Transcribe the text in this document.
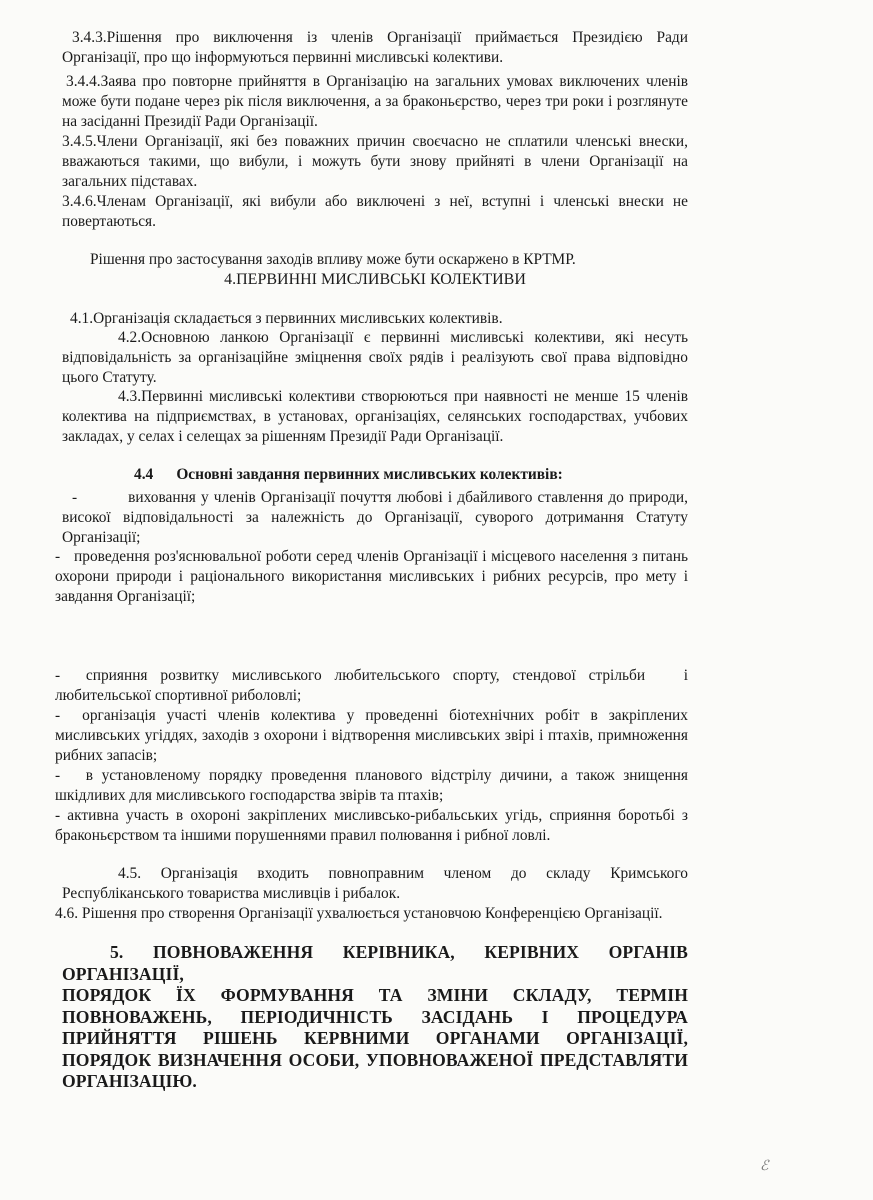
3.4.3.Рішення про виключення із членів Організації приймається Президією Ради Організації, про що інформуються первинні мисливські колективи.

3.4.4.Заява про повторне прийняття в Організацію на загальних умовах виключених членів може бути подане через рік після виключення, а за браконьєрство, через три роки і розглянуте на засіданні Президії Ради Організації.

3.4.5.Члени Організації, які без поважних причин своєчасно не сплатили членські внески, вважаються такими, що вибули, і можуть бути знову прийняті в члени Організації на загальних підставах.

3.4.6.Членам Організації, які вибули або виключені з неї, вступні і членські внески не повертаються.

Рішення про застосування заходів впливу може бути оскаржено в КРТМР.

4.ПЕРВИННІ МИСЛИВСЬКІ КОЛЕКТИВИ

4.1.Організація складається з первинних мисливських колективів.

4.2.Основною ланкою Організації є первинні мисливські колективи, які несуть відповідальність за організаційне зміцнення своїх рядів і реалізують свої права відповідно цього Статуту.

4.3.Первинні мисливські колективи створюються при наявності не менше 15 членів колектива на підприємствах, в установах, організаціях, селянських господарствах, учбових закладах, у селах і селещах за рішенням Президії Ради Організації.

4.4      Основні завдання первинних мисливських колективів:

-          виховання у членів Організації почуття любові і дбайливого ставлення до природи, високої відповідальності за належність до Організації, суворого дотримання Статуту Організації;

-   проведення роз'яснювальної роботи серед членів Організації і місцевого населення з питань охорони природи і раціонального використання мисливських і рибних ресурсів, про мету і завдання Організації;

-  сприяння розвитку мисливського любительського спорту, стендової стрільби   і любительської спортивної риболовлі;

-  організація участі членів колектива у проведенні біотехнічних робіт в закріплених мисливських угіддях, заходів з охорони і відтворення мисливських звірі і птахів, примноження рибних запасів;

-   в установленому порядку проведення планового відстрілу дичини, а також знищення шкідливих для мисливського господарства звірів та птахів;

- активна участь в охороні закріплених мисливсько-рибальських угідь, сприяння боротьбі з браконьєрством та іншими порушеннями правил полювання і рибної ловлі.

4.5. Організація входить повноправним членом до складу Кримського Республіканського товариства мисливців і рибалок.

4.6. Рішення про створення Організації ухвалюється установчою Конференцією Організації.

5. ПОВНОВАЖЕННЯ КЕРІВНИКА, КЕРІВНИХ ОРГАНІВ ОРГАНІЗАЦІЇ,
ПОРЯДОК ЇХ ФОРМУВАННЯ ТА ЗМІНИ СКЛАДУ, ТЕРМІН ПОВНОВАЖЕНЬ, ПЕРІОДИЧНІСТЬ ЗАСІДАНЬ І ПРОЦЕДУРА ПРИЙНЯТТЯ РІШЕНЬ КЕРВНИМИ ОРГАНАМИ ОРГАНІЗАЦІЇ, ПОРЯДОК ВИЗНАЧЕННЯ ОСОБИ, УПОВНОВАЖЕНОЇ ПРЕДСТАВЛЯТИ ОРГАНІЗАЦІЮ.
ℰ
